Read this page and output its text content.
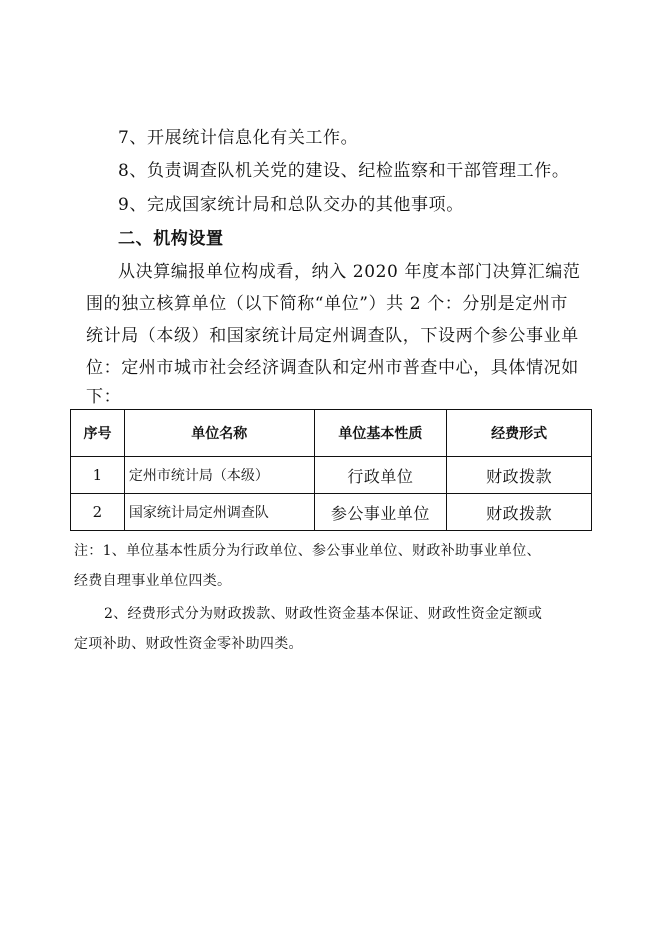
7、开展统计信息化有关工作。
8、负责调查队机关党的建设、纪检监察和干部管理工作。
9、完成国家统计局和总队交办的其他事项。
二、机构设置
从决算编报单位构成看，纳入 2020 年度本部门决算汇编范
围的独立核算单位（以下简称“单位”）共 2 个：分别是定州市
统计局（本级）和国家统计局定州调查队，下设两个参公事业单
位：定州市城市社会经济调查队和定州市普查中心，具体情况如
下：
序号	单位名称	单位基本性质	经费形式
1	定州市统计局（本级）	行政单位	财政拨款
2	国家统计局定州调查队	参公事业单位	财政拨款
注：1、单位基本性质分为行政单位、参公事业单位、财政补助事业单位、
经费自理事业单位四类。
2、经费形式分为财政拨款、财政性资金基本保证、财政性资金定额或
定项补助、财政性资金零补助四类。
